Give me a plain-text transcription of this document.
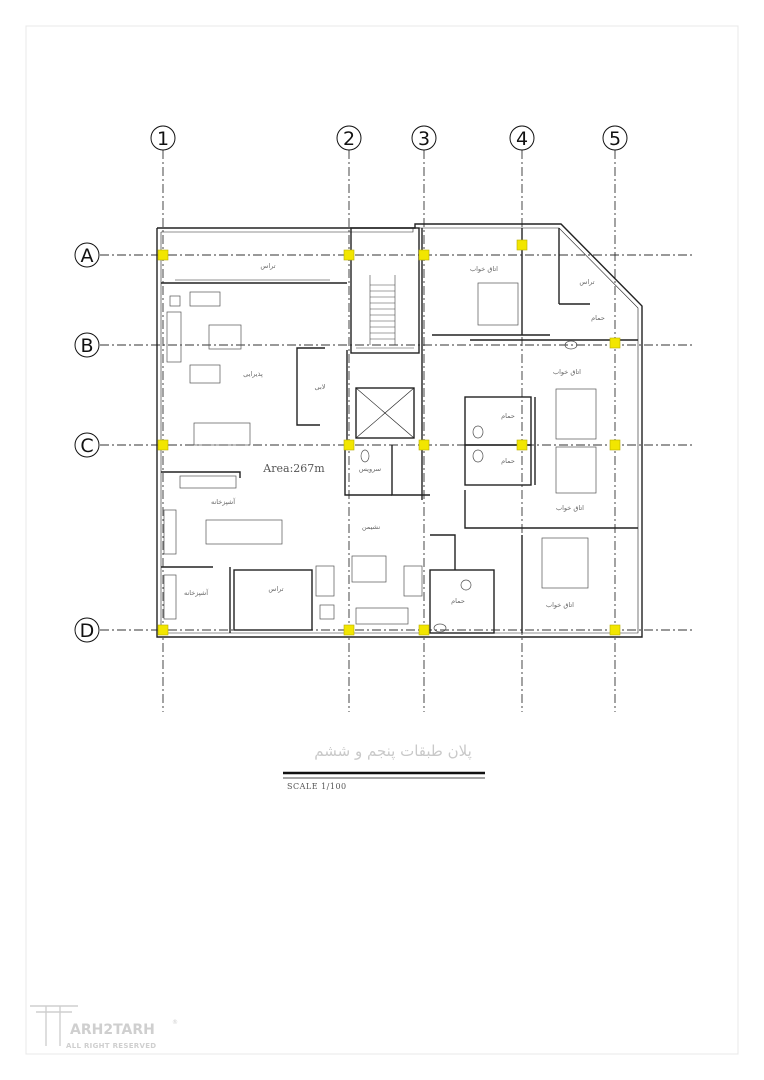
1	2	3	4	5
A
B
C
D
تراس	اتاق خواب
تراس
حمام
پذیرایی
لابی
اتاق خواب
حمام
حمام
سرویس
Area:267m
آشپزخانه
اتاق خواب
نشیمن
آشپزخانه	تراس
حمام	اتاق خواب
پلان طبقات پنجم و ششم
SCALE 1/100
ARH2TARH	®
ALL RIGHT RESERVED
